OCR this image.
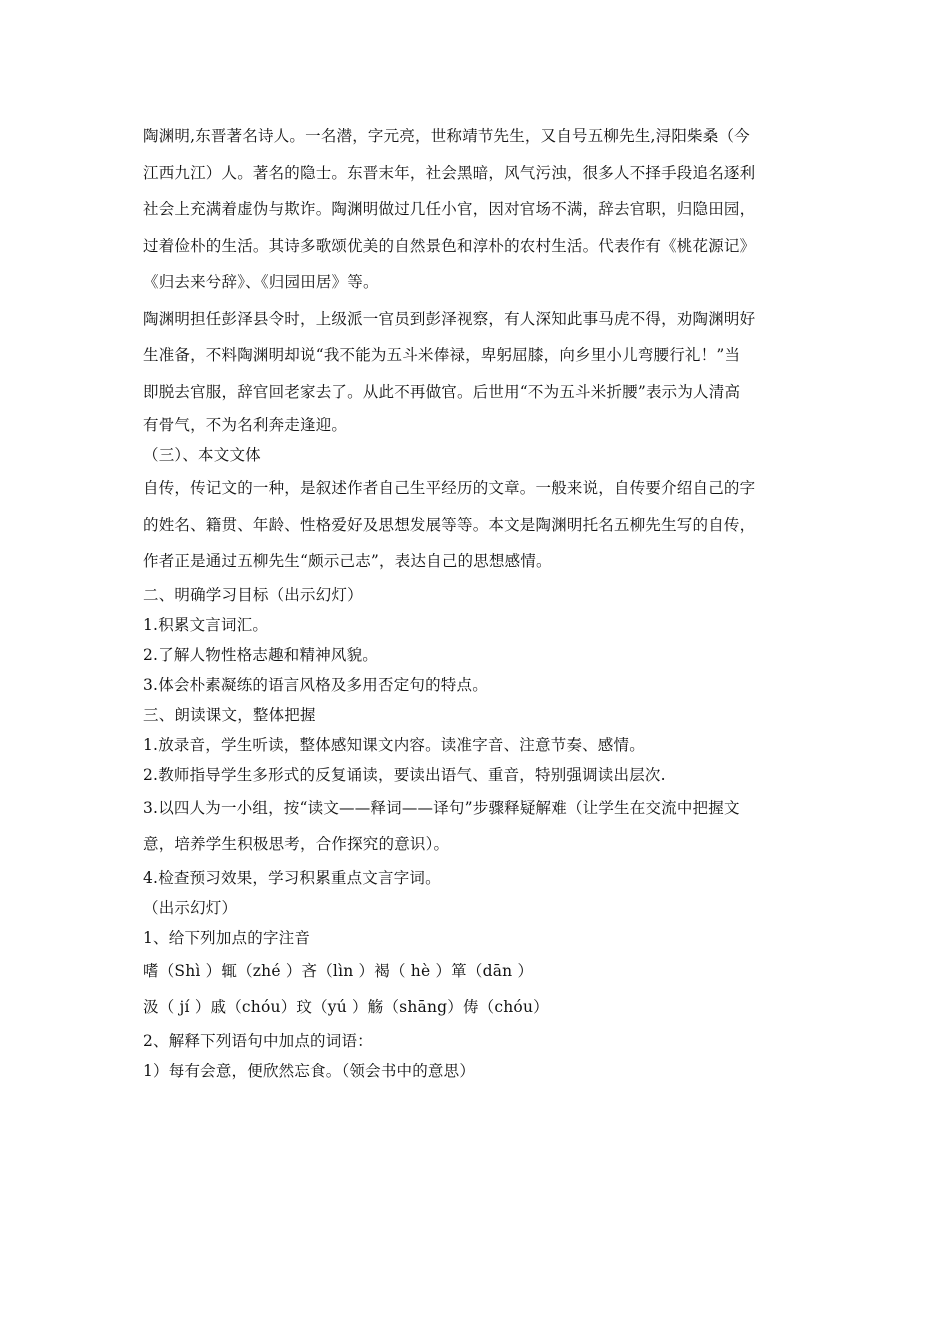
陶渊明,东晋著名诗人。一名潜，字元亮，世称靖节先生，又自号五柳先生,浔阳柴桑（今
江西九江）人。著名的隐士。东晋末年，社会黑暗，风气污浊，很多人不择手段追名逐利
社会上充满着虚伪与欺诈。陶渊明做过几任小官，因对官场不满，辞去官职，归隐田园，
过着俭朴的生活。其诗多歌颂优美的自然景色和淳朴的农村生活。代表作有《桃花源记》
《归去来兮辞》、《归园田居》等。
陶渊明担任彭泽县令时，上级派一官员到彭泽视察，有人深知此事马虎不得，劝陶渊明好
生准备，不料陶渊明却说“我不能为五斗米俸禄，卑躬屈膝，向乡里小儿弯腰行礼！”当
即脱去官服，辞官回老家去了。从此不再做官。后世用“不为五斗米折腰”表示为人清高
有骨气，不为名利奔走逢迎。
（三）、本文文体
自传，传记文的一种，是叙述作者自己生平经历的文章。一般来说，自传要介绍自己的字
的姓名、籍贯、年龄、性格爱好及思想发展等等。本文是陶渊明托名五柳先生写的自传，
作者正是通过五柳先生“颇示己志”，表达自己的思想感情。
二、明确学习目标（出示幻灯）
1.积累文言词汇。
2.了解人物性格志趣和精神风貌。
3.体会朴素凝练的语言风格及多用否定句的特点。
三、朗读课文，整体把握
1.放录音，学生听读，整体感知课文内容。读准字音、注意节奏、感情。
2.教师指导学生多形式的反复诵读，要读出语气、重音，特别强调读出层次.
3.以四人为一小组，按“读文——释词——译句”步骤释疑解难（让学生在交流中把握文
意，培养学生积极思考，合作探究的意识）。
4.检查预习效果，学习积累重点文言字词。
（出示幻灯）
1、给下列加点的字注音
嗜（Shì ）辄（zhé ）吝（lìn ）褐（ hè ）箪（dān ）
汲（ jí ）戚（chóu）玟（yú ）觞（shāng）俦（chóu）
2、解释下列语句中加点的词语：
1）每有会意，便欣然忘食。（领会书中的意思）
